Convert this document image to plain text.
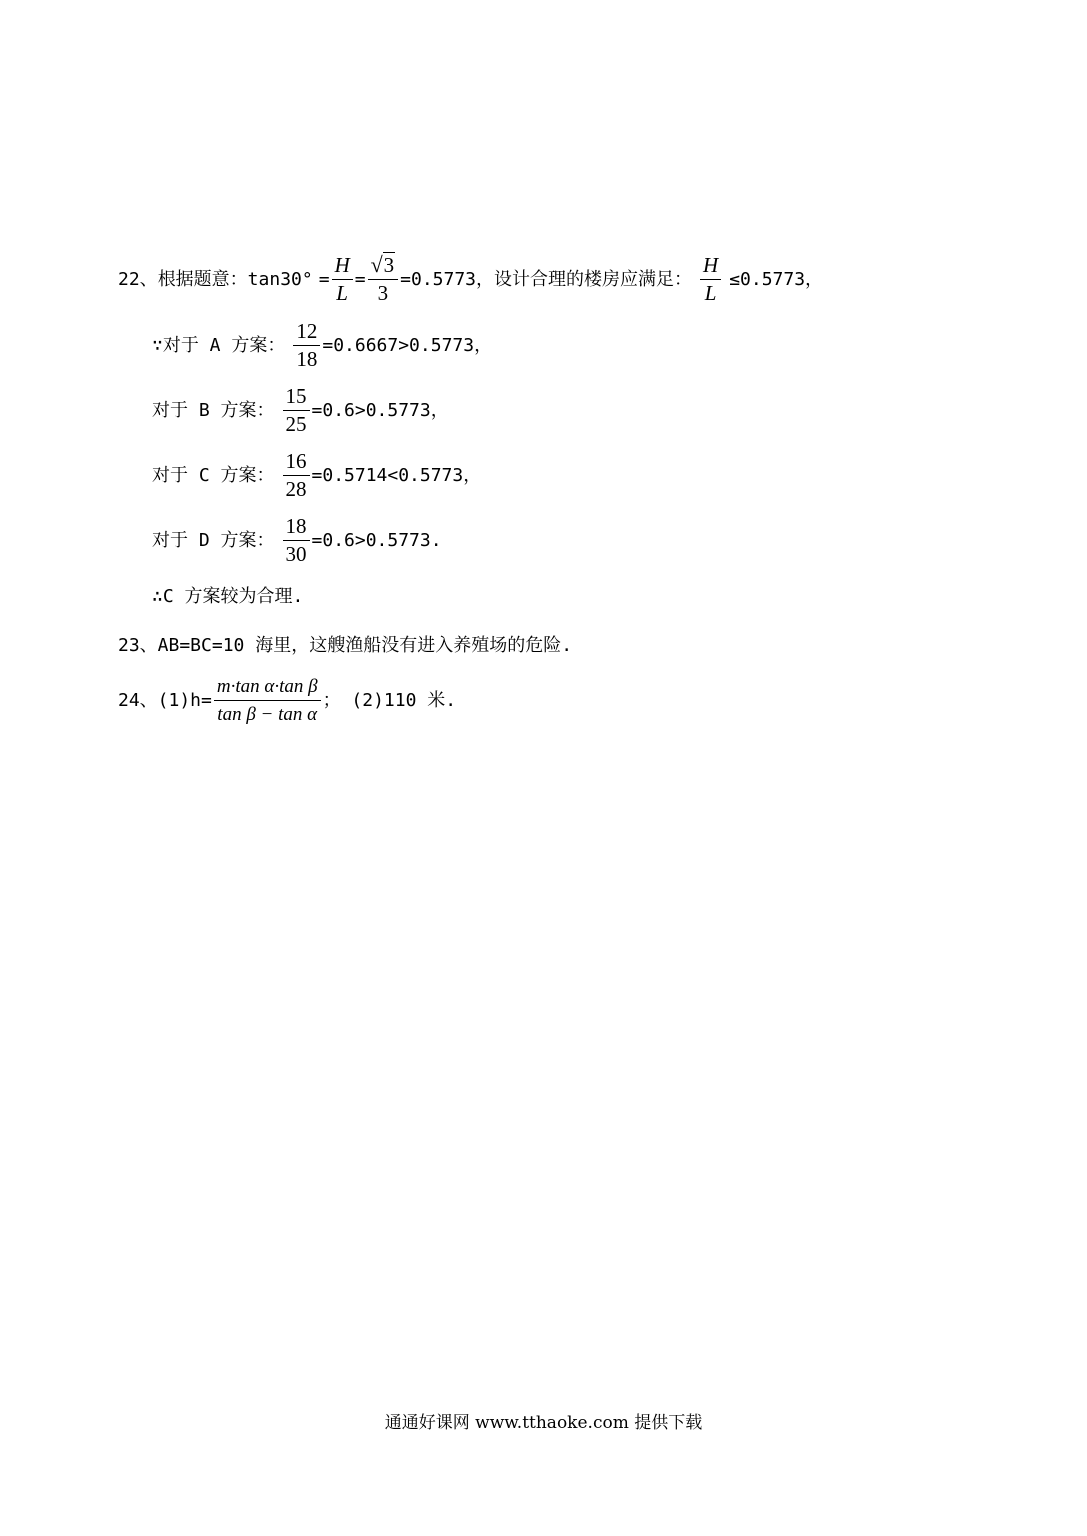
22、 根据题意：$\tan 30^\circ = \frac{H}{L} = \frac{√3}{3} =0.5773$，设计合理的楼房应满足： $\frac{H}{L} \le 0.5773$，
∵对于 A 方案： $\frac{12}{18} =0.6667>0.5773$，
对于 B 方案： $\frac{15}{25} =0.6>0.5773$，
对于 C 方案： $\frac{16}{28} =0.5714<0.5773$，
对于 D 方案： $\frac{18}{30} =0.6>0.5773$.
∴C 方案较为合理.
23、AB=BC=10 海里，这艘渔船没有进入养殖场的危险.
24、$(1)h= \frac{\text{m·tan α·tan β}}{\text{tan β − tan α}}$ ； (2)110 米.
通通好课网 www.tthaoke.com 提供下载
